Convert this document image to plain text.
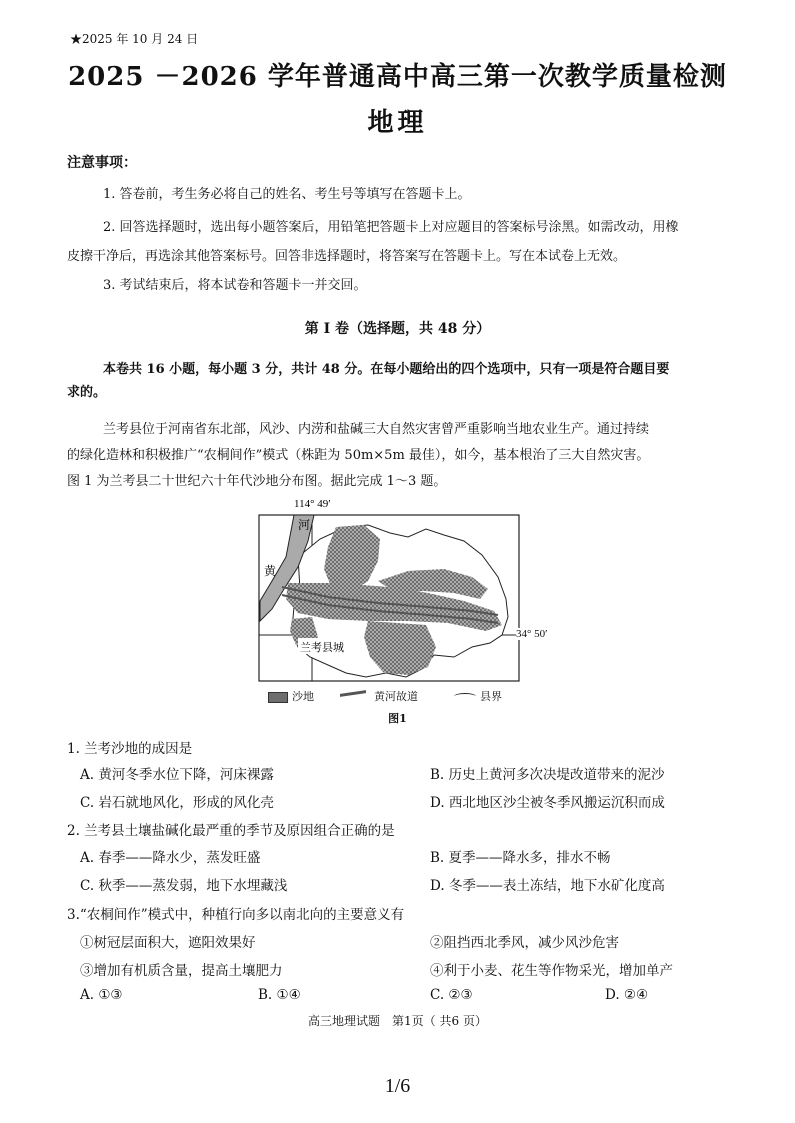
★2025 年 10 月 24 日
2025 －2026 学年普通高中高三第一次教学质量检测
地理
注意事项：
1. 答卷前，考生务必将自己的姓名、考生号等填写在答题卡上。
2. 回答选择题时，选出每小题答案后，用铅笔把答题卡上对应题目的答案标号涂黑。如需改动，用橡
皮擦干净后，再选涂其他答案标号。回答非选择题时，将答案写在答题卡上。写在本试卷上无效。
3. 考试结束后，将本试卷和答题卡一并交回。
第 Ⅰ 卷（选择题，共 48 分）
本卷共 16 小题，每小题 3 分，共计 48 分。在每小题给出的四个选项中，只有一项是符合题目要
求的。
兰考县位于河南省东北部，风沙、内涝和盐碱三大自然灾害曾严重影响当地农业生产。通过持续
的绿化造林和积极推广“农桐间作”模式（株距为 50m×5m 最佳），如今，基本根治了三大自然灾害。
图 1 为兰考县二十世纪六十年代沙地分布图。据此完成 1～3 题。
114° 49′
河
黄
兰考县城
34° 50′
沙地	黄河故道	县界
图1
1. 兰考沙地的成因是
A. 黄河冬季水位下降，河床裸露	B. 历史上黄河多次决堤改道带来的泥沙
C. 岩石就地风化，形成的风化壳	D. 西北地区沙尘被冬季风搬运沉积而成
2. 兰考县土壤盐碱化最严重的季节及原因组合正确的是
A. 春季——降水少，蒸发旺盛	B. 夏季——降水多，排水不畅
C. 秋季——蒸发弱，地下水埋藏浅	D. 冬季——表土冻结，地下水矿化度高
3.“农桐间作”模式中，种植行向多以南北向的主要意义有
①树冠层面积大，遮阳效果好	②阻挡西北季风，减少风沙危害
③增加有机质含量，提高土壤肥力	④利于小麦、花生等作物采光，增加单产
A. ①③	B. ①④	C. ②③	D. ②④
高三地理试题　第1页（ 共6 页）
1/6
